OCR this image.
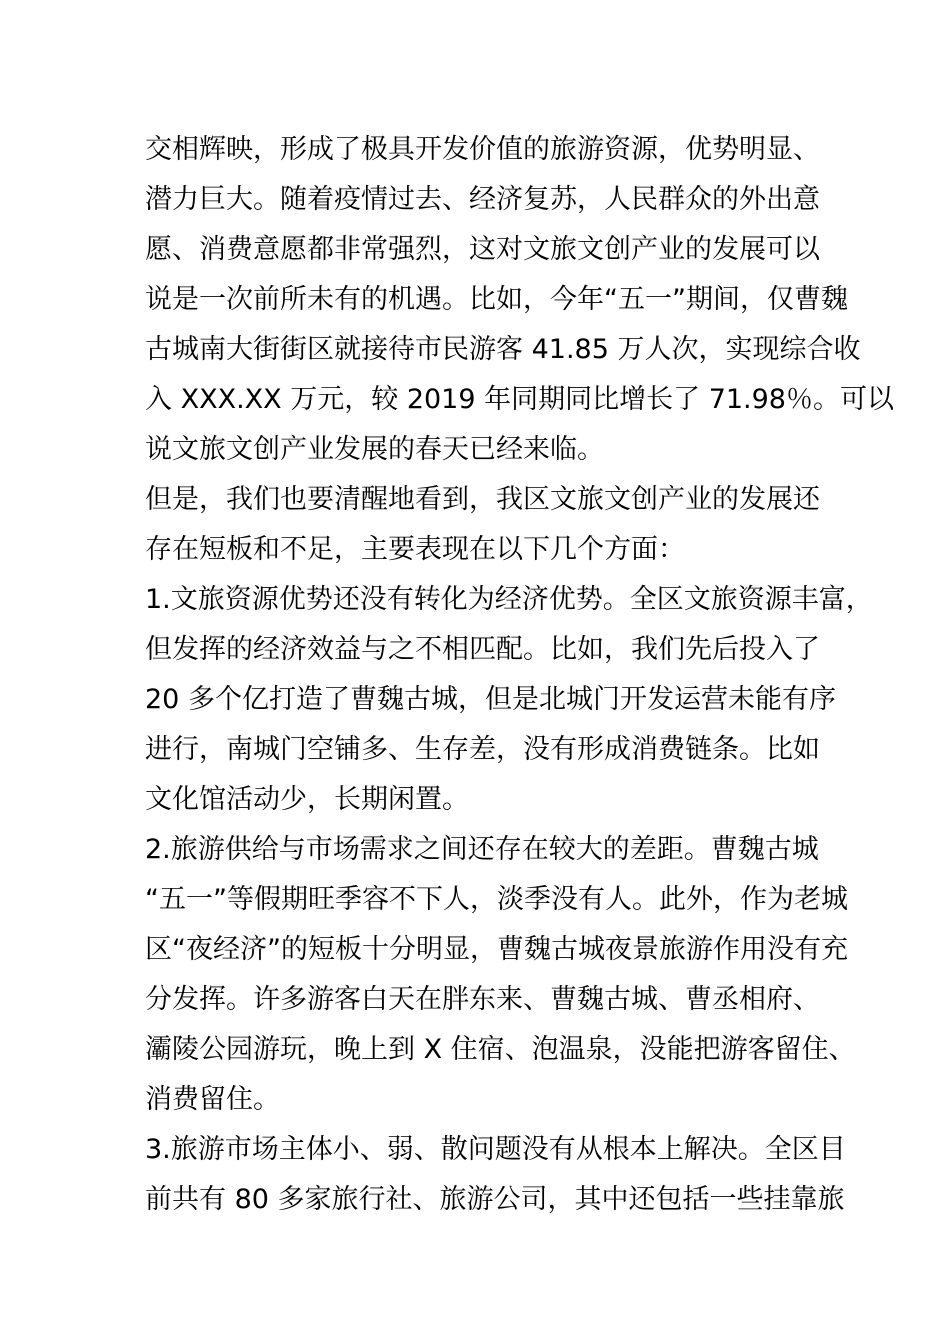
交相辉映，形成了极具开发价值的旅游资源，优势明显、
潜力巨大。随着疫情过去、经济复苏，人民群众的外出意
愿、消费意愿都非常强烈，这对文旅文创产业的发展可以
说是一次前所未有的机遇。比如，今年“五一”期间，仅曹魏
古城南大街街区就接待市民游客 41.85 万人次，实现综合收
入 XXX.XX 万元，较 2019 年同期同比增长了 71.98％。可以
说文旅文创产业发展的春天已经来临。
但是，我们也要清醒地看到，我区文旅文创产业的发展还
存在短板和不足，主要表现在以下几个方面：
1.文旅资源优势还没有转化为经济优势。全区文旅资源丰富，
但发挥的经济效益与之不相匹配。比如，我们先后投入了
20 多个亿打造了曹魏古城，但是北城门开发运营未能有序
进行，南城门空铺多、生存差，没有形成消费链条。比如
文化馆活动少，长期闲置。
2.旅游供给与市场需求之间还存在较大的差距。曹魏古城
“五一”等假期旺季容不下人，淡季没有人。此外，作为老城
区“夜经济”的短板十分明显，曹魏古城夜景旅游作用没有充
分发挥。许多游客白天在胖东来、曹魏古城、曹丞相府、
灞陵公园游玩，晚上到 X 住宿、泡温泉，没能把游客留住、
消费留住。
3.旅游市场主体小、弱、散问题没有从根本上解决。全区目
前共有 80 多家旅行社、旅游公司，其中还包括一些挂靠旅
